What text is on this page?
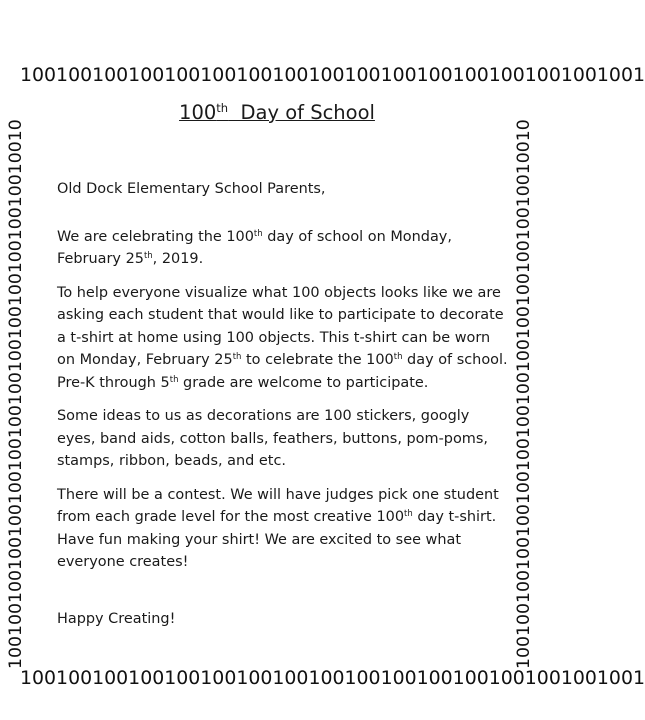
1001001001001001001001001001001001001001001001001001
10010010010010010010010010010010010010010010010010	10010010010010010010010010010010010010010010010010
1001001001001001001001001001001001001001001001001001
100th  Day of School

Old Dock Elementary School Parents,

We are celebrating the 100th day of school on Monday, February 25th, 2019.

To help everyone visualize what 100 objects looks like we are asking each student that would like to participate to decorate a t-shirt at home using 100 objects. This t-shirt can be worn on Monday, February 25th to celebrate the 100th day of school. Pre-K through 5th grade are welcome to participate.

Some ideas to us as decorations are 100 stickers, googly eyes, band aids, cotton balls, feathers, buttons, pom-poms, stamps, ribbon, beads, and etc.

There will be a contest. We will have judges pick one student from each grade level for the most creative 100th day t-shirt. Have fun making your shirt! We are excited to see what everyone creates!

Happy Creating!
